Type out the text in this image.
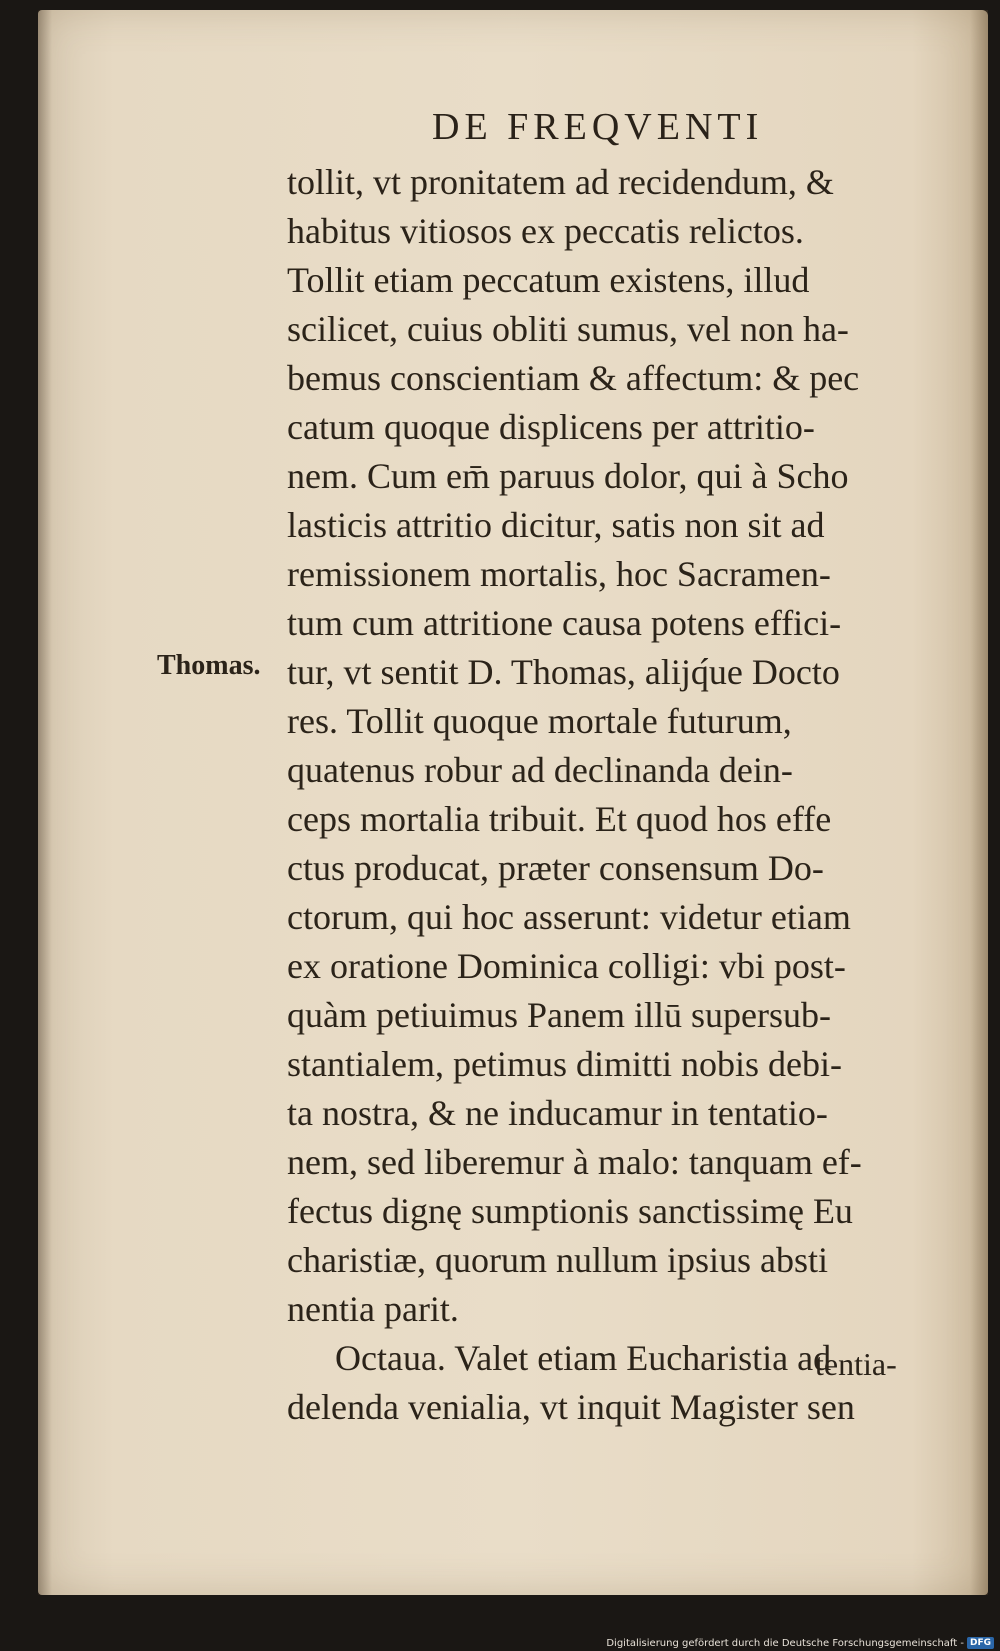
DE FREQVENTI
Thomas.
tollit, vt pronitatem ad recidendum, &
habitus vitiosos ex peccatis relictos.
Tollit etiam peccatum existens, illud
scilicet, cuius obliti sumus, vel non ha-
bemus conscientiam & affectum: & pec
catum quoque displicens per attritio-
nem. Cum em̄ paruus dolor, qui à Scho
lasticis attritio dicitur, satis non sit ad
remissionem mortalis, hoc Sacramen-
tum cum attritione causa potens effici-
tur, vt sentit D. Thomas, alijq́ue Docto
res. Tollit quoque mortale futurum,
quatenus robur ad declinanda dein-
ceps mortalia tribuit. Et quod hos effe
ctus producat, præter consensum Do-
ctorum, qui hoc asserunt: videtur etiam
ex oratione Dominica colligi: vbi post-
quàm petiuimus Panem illū supersub-
stantialem, petimus dimitti nobis debi-
ta nostra, & ne inducamur in tentatio-
nem, sed liberemur à malo: tanquam ef-
fectus dignę sumptionis sanctissimę Eu
charistiæ, quorum nullum ipsius absti
nentia parit.
Octaua. Valet etiam Eucharistia ad
delenda venialia, vt inquit Magister sen
tentia-
Digitalisierung gefördert durch die Deutsche Forschungsgemeinschaft - DFG
